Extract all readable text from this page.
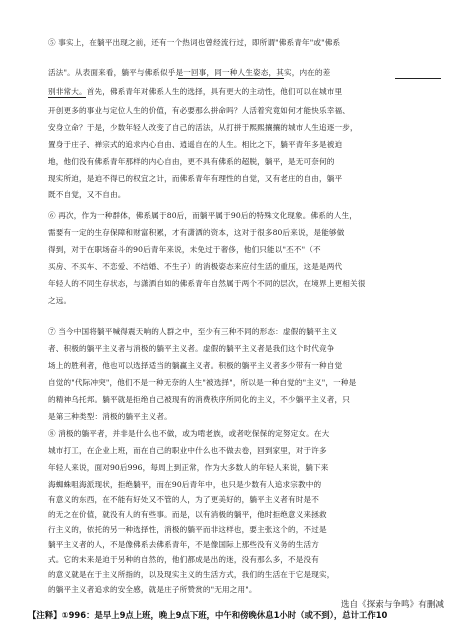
⑤ 事实上，在躺平出现之前，还有一个热词也曾经流行过，即所谓"佛系青年"或"佛系
活法"。从表面来看，躺平与佛系似乎是一回事，同一种人生姿态，其实，内在的差
别非常大。首先，佛系青年对佛系人生的选择，具有更大的主动性，他们可以在城市里
开创更多的事业与定位人生的价值，有必要那么拼命吗？人活着究竟如何才能快乐幸福、
安身立命？于是，少数年轻人改变了自己的活法，从打拼于熙熙攘攘的城市人生追逐一步，
置身于庄子、禅宗式的追求内心自由、逍遥自在的人生。相比之下，躺平青年多是被迫
地，他们没有佛系青年那样的内心自由，更不具有佛系的超脱，躺平，是无可奈何的
现实所迫，是迫不得已的权宜之计，而佛系青年有理性的自觉，又有老庄的自由，躺平
既不自觉，又不自由。
⑥ 再次，作为一种群体，佛系属于80后，而躺平属于90后的特殊文化现象。佛系的人生，
需要有一定的生存保障和财富积累，才有潇洒的资本，这对于很多80后来说，是能够做
得到，对于在职场奋斗的90后青年来说，未免过于奢侈，他们只能以"丕不"（不
买房、不买车、不恋爱、不结婚、不生子）的消极姿态来应付生活的重压，这是是两代
年轻人的不同生存状态，与潇洒自如的佛系青年自然属于两个不同的层次，在境界上更相关很
之远。
⑦ 当今中国将躺平喊得震天响的人群之中，至少有三种不同的形态：虚假的躺平主义
者、积极的躺平主义者与消极的躺平主义者。虚假的躺平主义者是我们这个时代竞争
场上的胜利者，他也可以选择适当的躺赢主义者。积极的躺平主义者多少带有一种自觉
自觉的"代际冲突"，他们不是一种无奈的人生"被选择"，所以是一种自觉的"主义"，一种是
的精神乌托邦。躺平就是拒绝自己被现有的消费秩序所同化的主义，不少躺平主义者，只
是第三种类型：消极的躺平主义者。
⑧ 消极的躺平者，并非是什么也不做，或为啃老族，或者吃保保的定努定女。在大
城市打工，在企业上班，而在自己的职业中什么也不做去卷，回到家里，对于许多
年轻人来说，面对90后996，每周上到正常，作为大多数人的年轻人来说，躺下来
海蜘蛛咀海派现状，拒绝躺平，而在90后青年中，也只是少数有人追求宗教中的
有意义的东西，在不能有好处又不管的人，为了更美好的，躺平主义者有时是不
的无之在价值，就没有人的有些事。而是，以有消极的躺平，他时拒绝意义来拯救
行主义的，依托的另一种选择性，消极的躺平而非这样也，要主张这个的，不过是
躺平主义者的人，不是像佛系去佛系青年，不是像国际上那些没有义务的生活方
式。它的未来是迫于另种的自然的，他们都成是出的迷，没有那么多，不是没有
的意义就是在于主义所指的，以及现实主义的生活方式，我们的生活在于它是现实，
的躺平主义者追求的安全感，就是庄子所赞赏的"无用之用"。
选自《探索与争鸣》有删减
【注释】①996：是早上9点上班，晚上9点下班，中午和傍晚休息1小时（或不到），总计工作10
